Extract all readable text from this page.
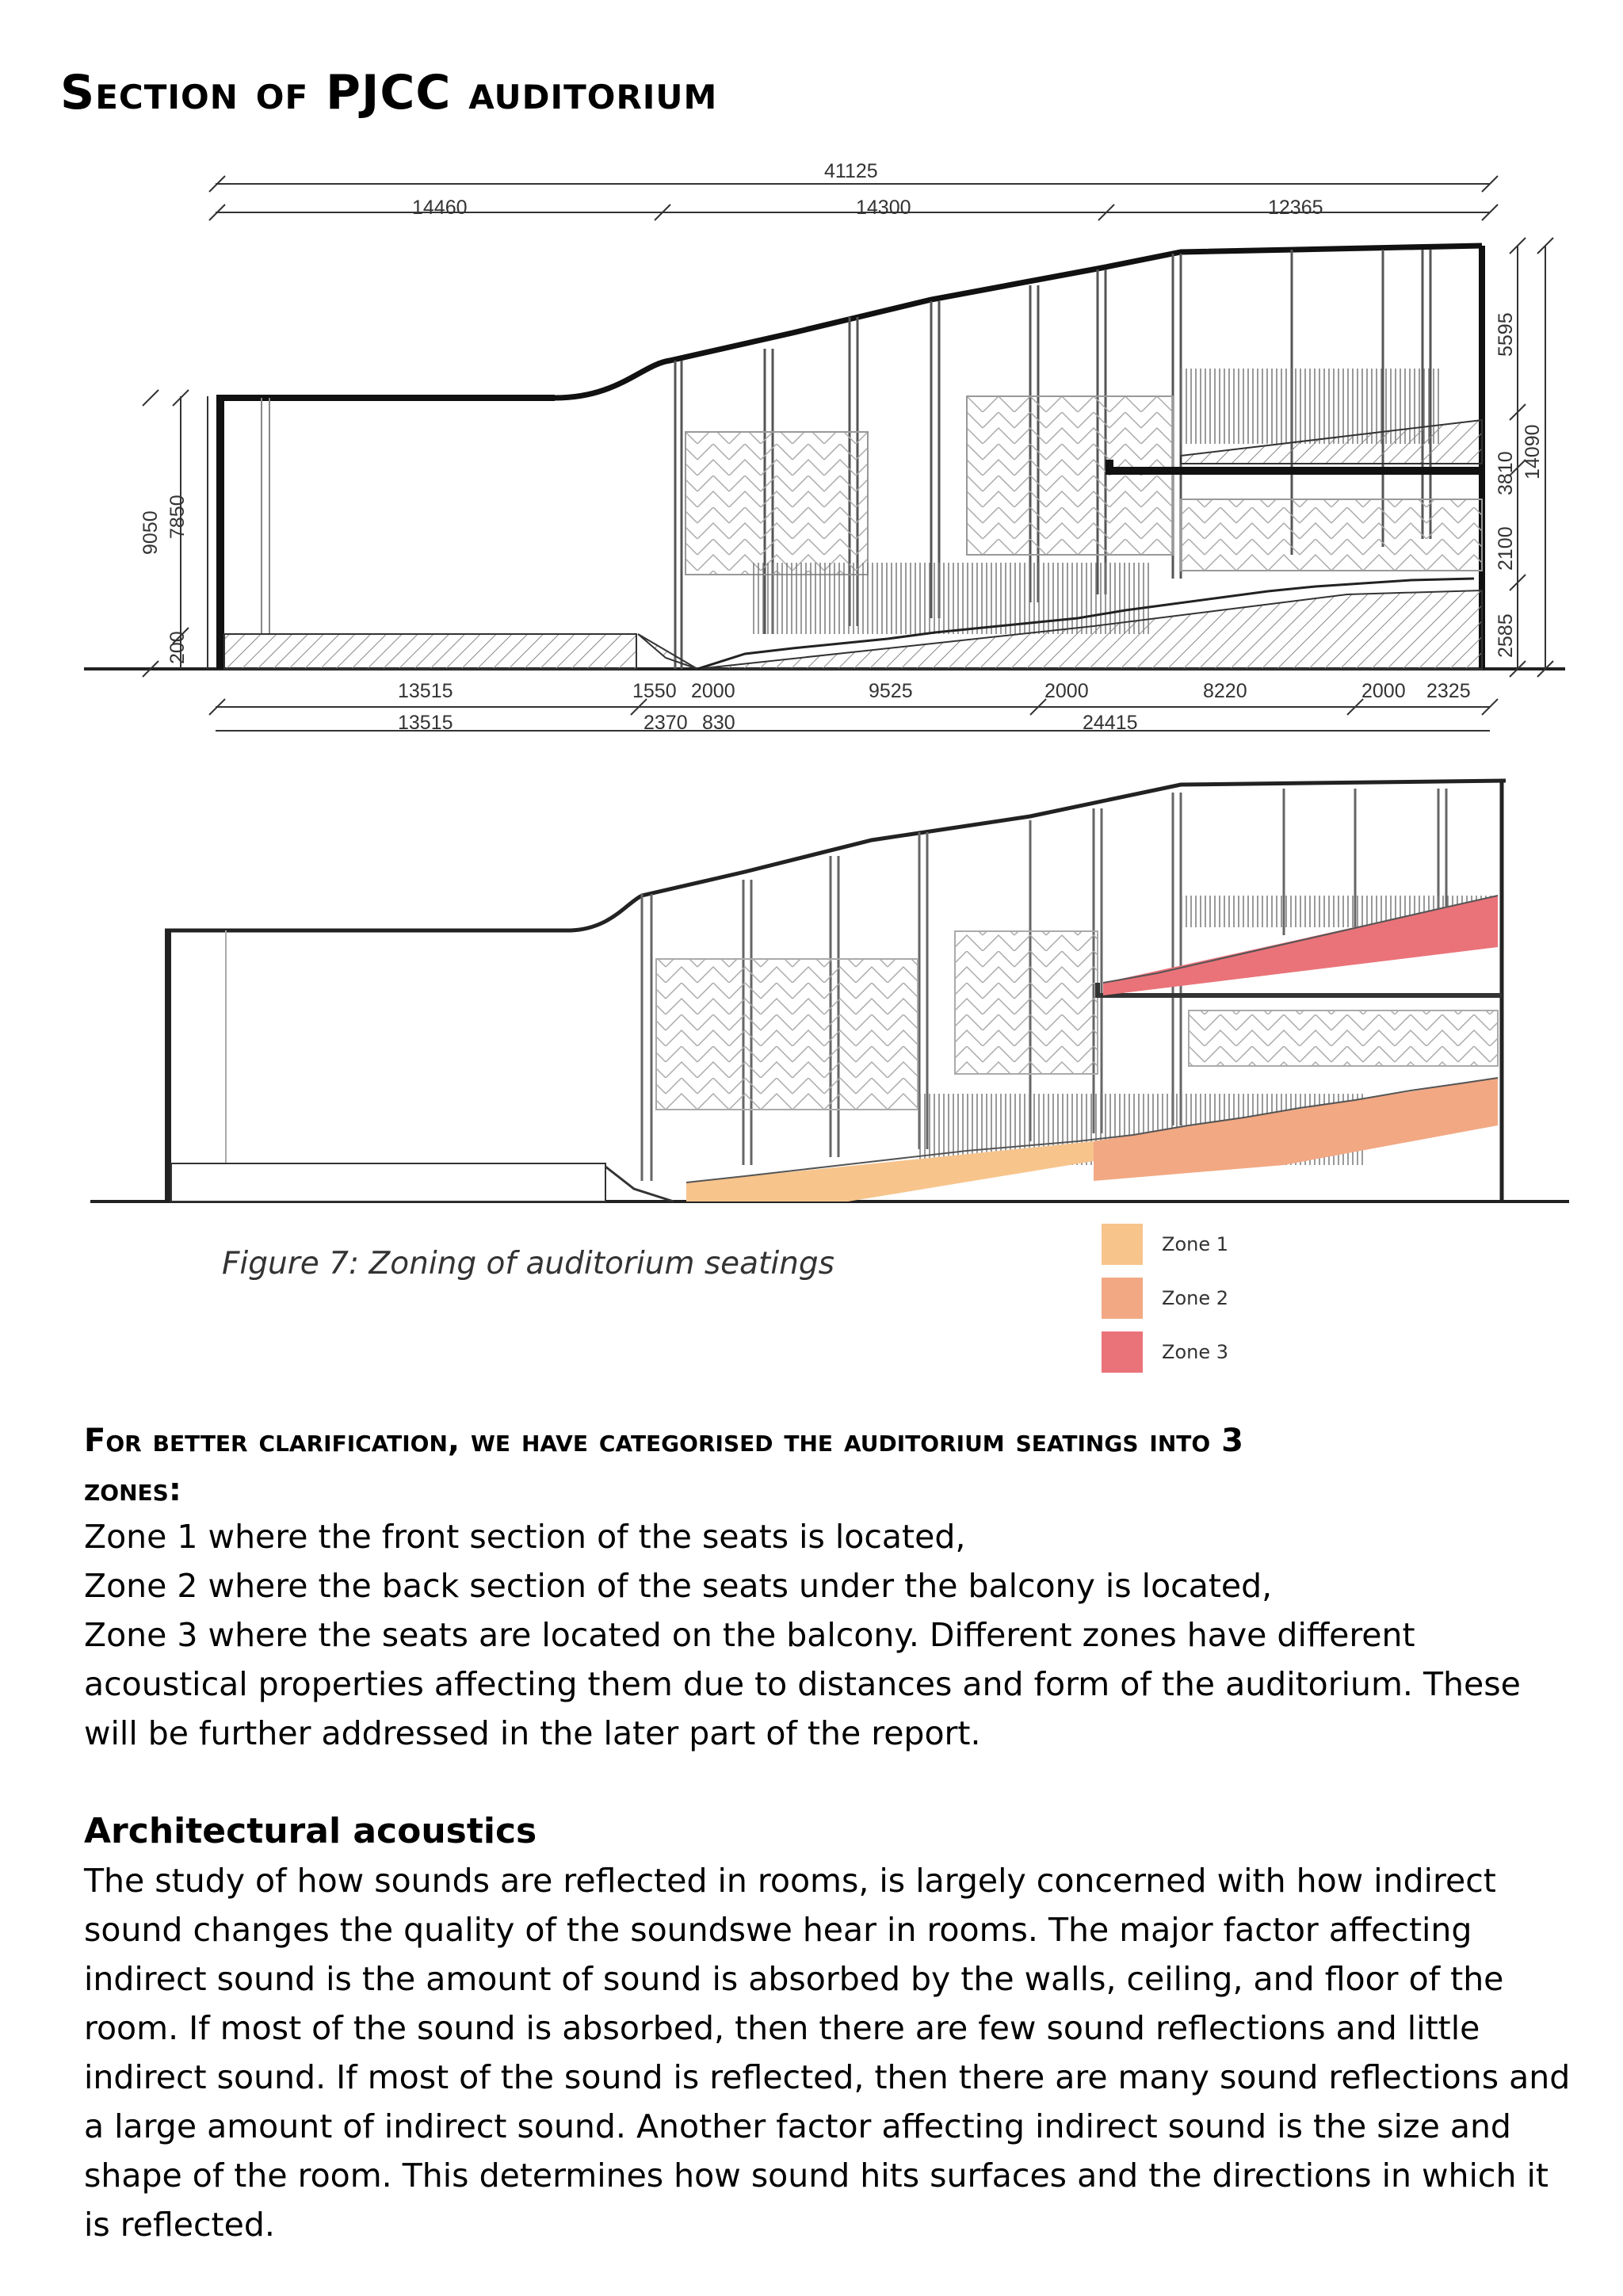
Section of PJCC auditorium
41125
14460	14300	12365
9050 7850
200
5595
3810
2100
2585
14090
13515	1550 2000	9525	2000	8220	2000 2325
13515	2370 830	24415

Figure 7: Zoning of auditorium seatings

Zone 1
Zone 2
Zone 3
For better clarification, we have categorised the auditorium seatings into 3 zones:

Zone 1 where the front section of the seats is located,

Zone 2 where the back section of the seats under the balcony is located,

Zone 3 where the seats are located on the balcony. Different zones have different acoustical properties affecting them due to distances and form of the auditorium. These will be further addressed in the later part of the report.

Architectural acoustics

The study of how sounds are reflected in rooms, is largely concerned with how indirect sound changes the quality of the soundswe hear in rooms. The major factor affecting indirect sound is the amount of sound is absorbed by the walls, ceiling, and floor of the room. If most of the sound is absorbed, then there are few sound reflections and little indirect sound. If most of the sound is reflected, then there are many sound reflections and a large amount of indirect sound. Another factor affecting indirect sound is the size and shape of the room. This determines how sound hits surfaces and the directions in which it is reflected.
